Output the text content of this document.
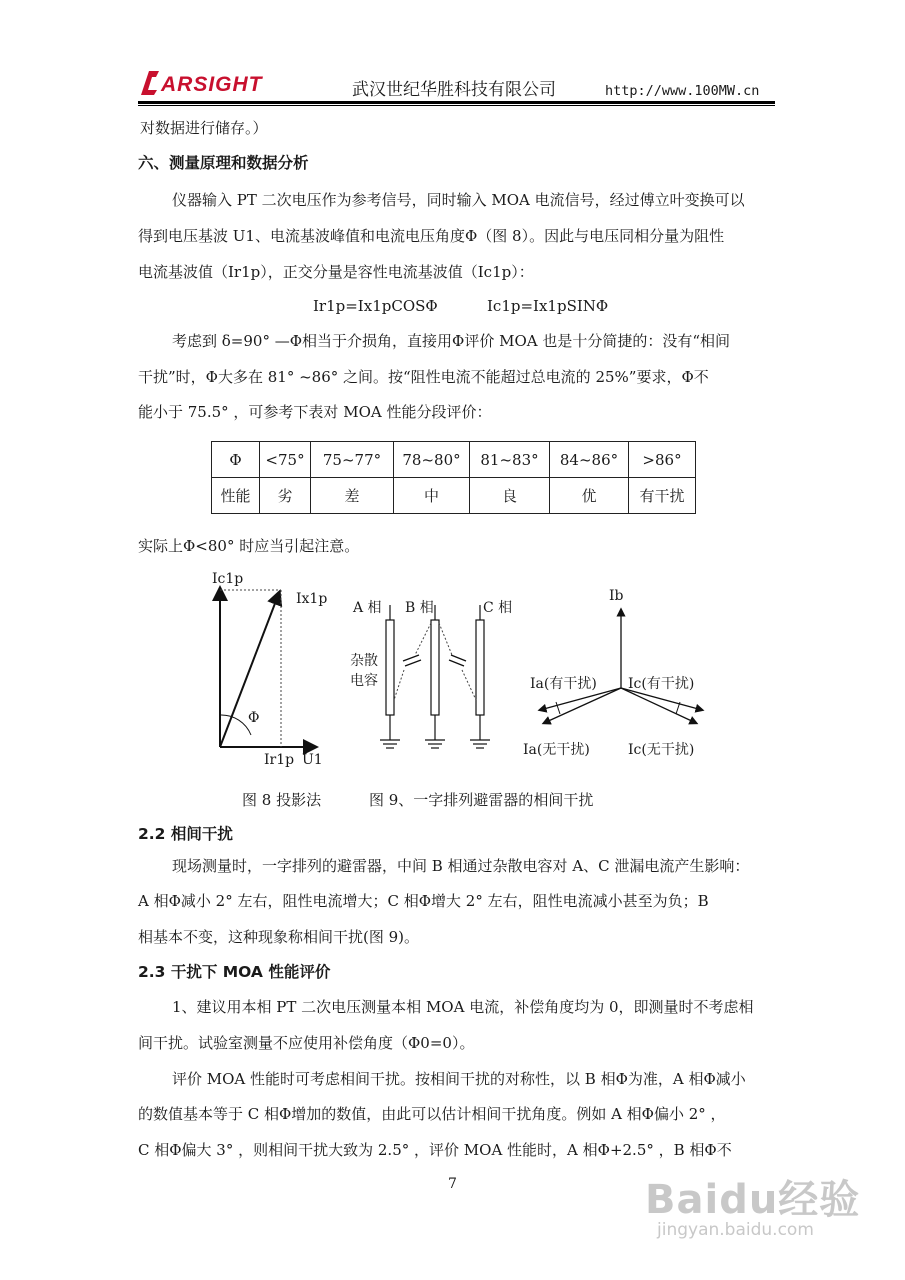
ARSIGHT	武汉世纪华胜科技有限公司	http://www.100MW.cn
对数据进行储存。）
六、测量原理和数据分析
仪器输入 PT 二次电压作为参考信号，同时输入 MOA 电流信号，经过傅立叶变换可以
得到电压基波 U1、电流基波峰值和电流电压角度Φ（图 8）。因此与电压同相分量为阻性
电流基波值（Ir1p），正交分量是容性电流基波值（Ic1p）：
Ir1p=Ix1pCOSΦ	Ic1p=Ix1pSINΦ
考虑到 δ=90° —Φ相当于介损角，直接用Φ评价 MOA 也是十分简捷的：没有“相间
干扰”时，Φ大多在 81° ~86° 之间。按“阻性电流不能超过总电流的 25%”要求，Φ不
能小于 75.5° ，可参考下表对 MOA 性能分段评价：
Φ	<75°	75~77°	78~80°	81~83°	84~86°	>86°
性能	劣	差	中	良	优	有干扰
实际上Φ<80° 时应当引起注意。
Ic1p
Ix1p
Φ
Ir1p U1
A 相 B 相	C 相
杂散
电容
Ib
Ia(有干扰) Ic(有干扰)
Ia(无干扰)	Ic(无干扰)
图 8 投影法	图 9、一字排列避雷器的相间干扰
2.2 相间干扰
现场测量时，一字排列的避雷器，中间 B 相通过杂散电容对 A、C 泄漏电流产生影响：
A 相Φ减小 2° 左右，阻性电流增大；C 相Φ增大 2° 左右，阻性电流减小甚至为负；B
相基本不变，这种现象称相间干扰(图 9)。
2.3 干扰下 MOA 性能评价
1、建议用本相 PT 二次电压测量本相 MOA 电流，补偿角度均为 0，即测量时不考虑相
间干扰。试验室测量不应使用补偿角度（Φ0=0）。
评价 MOA 性能时可考虑相间干扰。按相间干扰的对称性，以 B 相Φ为准，A 相Φ减小
的数值基本等于 C 相Φ增加的数值，由此可以估计相间干扰角度。例如 A 相Φ偏小 2° ，
C 相Φ偏大 3° ，则相间干扰大致为 2.5° ，评价 MOA 性能时，A 相Φ+2.5° ，B 相Φ不
7	Baidu经验
jingyan.baidu.com
